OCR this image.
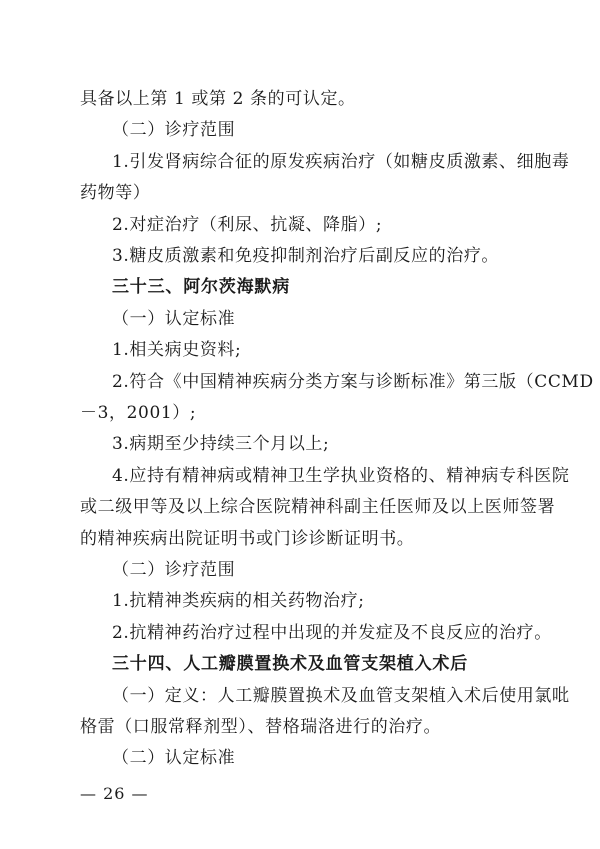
具备以上第 1 或第 2 条的可认定。
（二）诊疗范围
1.引发肾病综合征的原发疾病治疗（如糖皮质激素、细胞毒
药物等）
2.对症治疗（利尿、抗凝、降脂）;
3.糖皮质激素和免疫抑制剂治疗后副反应的治疗。
三十三、阿尔茨海默病
（一）认定标准
1.相关病史资料;
2.符合《中国精神疾病分类方案与诊断标准》第三版（CCMD
－3，2001）;
3.病期至少持续三个月以上;
4.应持有精神病或精神卫生学执业资格的、精神病专科医院
或二级甲等及以上综合医院精神科副主任医师及以上医师签署
的精神疾病出院证明书或门诊诊断证明书。
（二）诊疗范围
1.抗精神类疾病的相关药物治疗;
2.抗精神药治疗过程中出现的并发症及不良反应的治疗。
三十四、人工瓣膜置换术及血管支架植入术后
（一）定义：人工瓣膜置换术及血管支架植入术后使用氯吡
格雷（口服常释剂型）、替格瑞洛进行的治疗。
（二）认定标准
— 26 —
